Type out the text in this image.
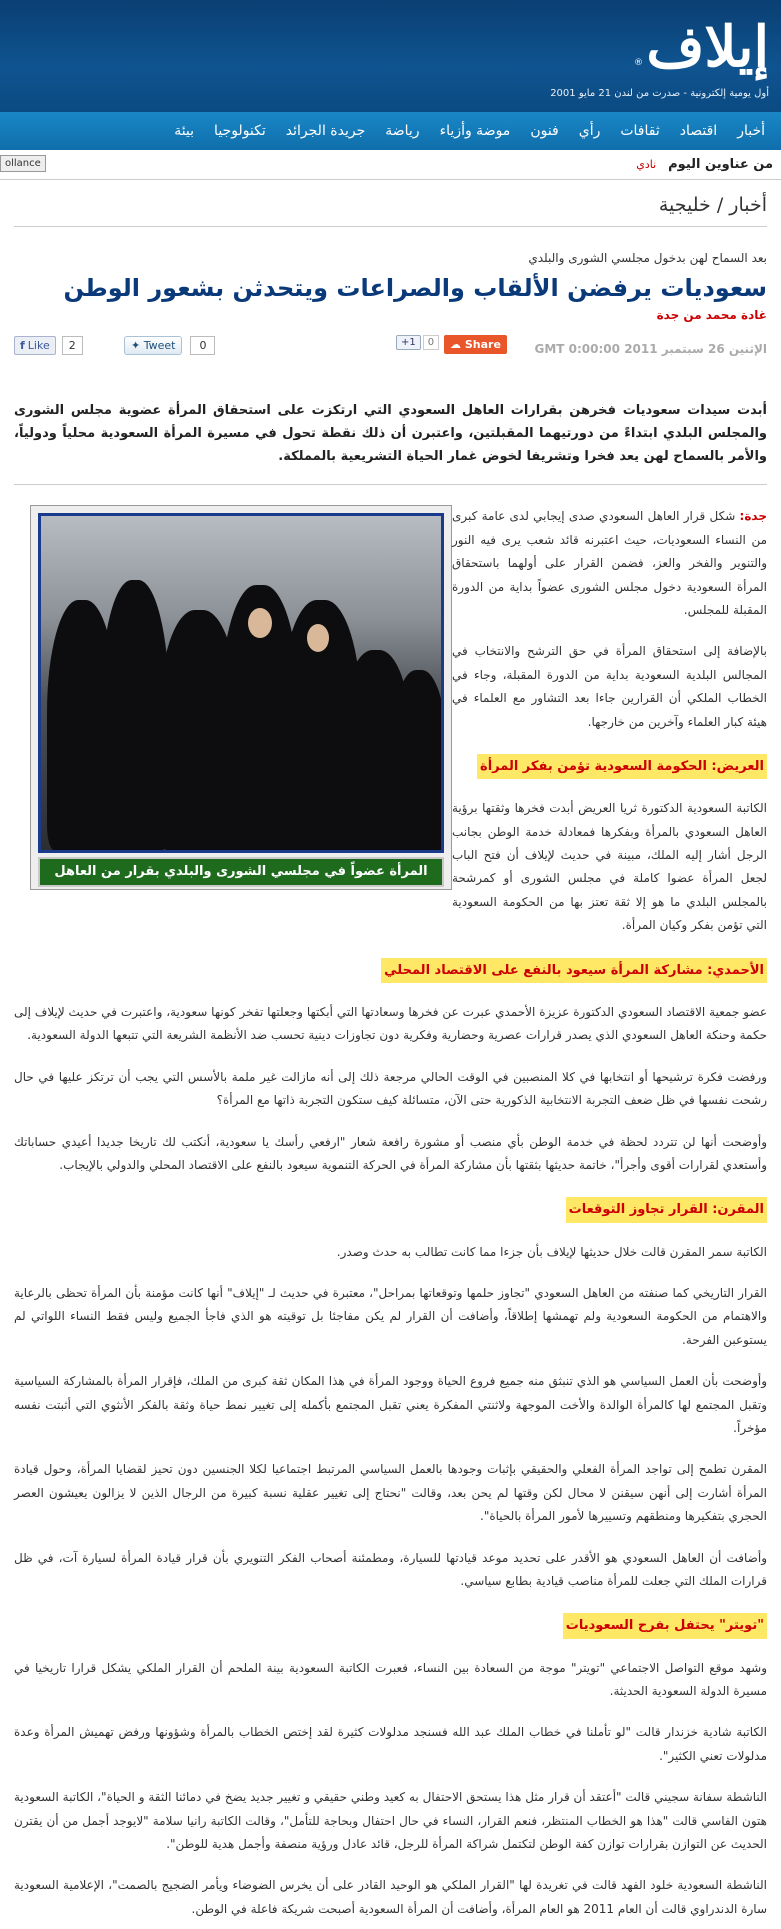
إيلاف
®
أول يومية إلكترونية - صدرت من لندن 21 مايو 2001
أخبار
اقتصاد
ثقافات
رأي
فنون
موضة وأزياء
رياضة
جريدة الجرائد
تكنولوجيا
بيئة
من عناوين اليوم
نادي
ollance
أخبار / خليجية
بعد السماح لهن بدخول مجلسي الشورى والبلدي
سعوديات يرفضن الألقاب والصراعات ويتحدثن بشعور الوطن
غادة محمد من جدة
الإثنين 26 سبتمبر 2011 GMT 0:00:00
☁ Share
+1 0
✦ Tweet 0
f Like 2
أبدت سيدات سعوديات فخرهن بقرارات العاهل السعودي التي ارتكزت على استحقاق المرأة عضوية مجلس الشورى والمجلس البلدي ابتداءً من دورتيهما المقبلتين، واعتبرن أن ذلك نقطة تحول في مسيرة المرأة السعودية محلياً ودولياً، والأمر بالسماح لهن يعد فخرا وتشريفا لخوض غمار الحياة التشريعية بالمملكة.
المرأة عضواً في مجلسي الشورى والبلدي بقرار من العاهل السعودي

جدة: شكل قرار العاهل السعودي صدى إيجابي لدى عامة كبرى من النساء السعوديات، حيث اعتبرنه قائد شعب يرى فيه النور والتنوير والفخر والعز، فضمن القرار على أولهما باستحقاق المرأة السعودية دخول مجلس الشورى عضواً بداية من الدورة المقبلة للمجلس.

بالإضافة إلى استحقاق المرأة في حق الترشح والانتخاب في المجالس البلدية السعودية بداية من الدورة المقبلة، وجاء في الخطاب الملكي أن القرارين جاءا بعد التشاور مع العلماء في هيئة كبار العلماء وآخرين من خارجها.

العريض: الحكومة السعودية تؤمن بفكر المرأة

الكاتبة السعودية الدكتورة ثريا العريض أبدت فخرها وثقتها برؤية العاهل السعودي بالمرأة وبفكرها فمعادلة خدمة الوطن بجانب الرجل أشار إليه الملك، مبينة في حديث لإيلاف أن فتح الباب لجعل المرأة عضوا كاملة في مجلس الشورى أو كمرشحة بالمجلس البلدي ما هو إلا ثقة تعتز بها من الحكومة السعودية التي تؤمن بفكر وكيان المرأة.

الأحمدي: مشاركة المرأة سيعود بالنفع على الاقتصاد المحلي

عضو جمعية الاقتصاد السعودي الدكتورة عزيزة الأحمدي عبرت عن فخرها وسعادتها التي أبكتها وجعلتها تفخر كونها سعودية، واعتبرت في حديث لإيلاف إلى حكمة وحنكة العاهل السعودي الذي يصدر قرارات عصرية وحضارية وفكرية دون تجاوزات دينية تحسب ضد الأنظمة الشريعة التي تتبعها الدولة السعودية.

ورفضت فكرة ترشيحها أو انتخابها في كلا المنصبين في الوقت الحالي مرجعة ذلك إلى أنه مازالت غير ملمة بالأسس التي يجب أن ترتكز عليها في حال رشحت نفسها في ظل ضعف التجربة الانتخابية الذكورية حتى الآن، متسائلة كيف ستكون التجربة ذاتها مع المرأة؟

وأوضحت أنها لن تتردد لحظة في خدمة الوطن بأي منصب أو مشورة رافعة شعار "ارفعي رأسك يا سعودية، أنكتب لك تاريخا جديدا أعيدي حساباتك وأستعدي لقرارات أقوى وأجرأ"، خاتمة حديثها بثقتها بأن مشاركة المرأة في الحركة التنموية سيعود بالنفع على الاقتصاد المحلي والدولي بالإيجاب.

المقرن: القرار تجاوز التوقعات

الكاتبة سمر المقرن قالت خلال حديثها لإيلاف بأن جزءا مما كانت تطالب به حدث وصدر.

القرار التاريخي كما صنفته من العاهل السعودي "تجاوز حلمها وتوقعاتها بمراحل"، معتبرة في حديث لـ "إيلاف" أنها كانت مؤمنة بأن المرأة تحظى بالرعاية والاهتمام من الحكومة السعودية ولم تهمشها إطلاقاً، وأضافت أن القرار لم يكن مفاجئا بل توقيته هو الذي فاجأ الجميع وليس فقط النساء اللواتي لم يستوعبن الفرحة.

وأوضحت بأن العمل السياسي هو الذي تنبثق منه جميع فروع الحياة ووجود المرأة في هذا المكان ثقة كبرى من الملك، فإقرار المرأة بالمشاركة السياسية وتقبل المجتمع لها كالمرأة الوالدة والأخت الموجهة ولاثنتي المفكرة يعني تقبل المجتمع بأكمله إلى تغيير نمط حياة وثقة بالفكر الأنثوي التي أثبتت نفسه مؤخراً.

المقرن تطمح إلى تواجد المرأة الفعلي والحقيقي بإثبات وجودها بالعمل السياسي المرتبط اجتماعيا لكلا الجنسين دون تحيز لقضايا المرأة، وحول قيادة المرأة أشارت إلى أنهن سيقنن لا محال لكن وقتها لم يحن بعد، وقالت "نحتاج إلى تغيير عقلية نسبة كبيرة من الرجال الذين لا يزالون يعيشون العصر الحجري بتفكيرها ومنطقهم وتسييرها لأمور المرأة بالحياة".

وأضافت أن العاهل السعودي هو الأقدر على تحديد موعد قيادتها للسيارة، ومطمئنة أصحاب الفكر التنويري بأن قرار قيادة المرأة لسيارة آت، في ظل قرارات الملك التي جعلت للمرأة مناصب قيادية بطابع سياسي.

"تويتر" يحتفل بفرح السعوديات

وشهد موقع التواصل الاجتماعي "تويتر" موجة من السعادة بين النساء، فعبرت الكاتبة السعودية بينة الملحم أن القرار الملكي يشكل قرارا تاريخيا في مسيرة الدولة السعودية الحديثة.

الكاتبة شادية خزندار قالت "لو تأملنا في خطاب الملك عبد الله فسنجد مدلولات كثيرة لقد إختص الخطاب بالمرأة وشؤونها ورفض تهميش المرأة وعدة مدلولات تعني الكثير".

الناشطة سفانة سجيني قالت "أعتقد أن قرار مثل هذا يستحق الاحتفال به كعيد وطني حقيقي و تغيير جديد يضخ في دمائنا الثقة و الحياة"، الكاتبة السعودية هتون الفاسي قالت "هذا هو الخطاب المنتظر، فنعم القرار، النساء في حال احتفال وبحاجة للتأمل"، وقالت الكاتبة رانيا سلامة "لايوجد أجمل من أن يقترن الحديث عن التوازن بقرارات توازن كفة الوطن لتكتمل شراكة المرأة للرجل، قائد عادل ورؤية منصفة وأجمل هدية للوطن".

الناشطة السعودية خلود الفهد قالت في تغريدة لها "القرار الملكي هو الوحيد القادر على أن يخرس الضوضاء ويأمر الضجيج بالصمت"، الإعلامية السعودية سارة الدندراوي قالت أن العام 2011 هو العام المرأة، وأضافت أن المرأة السعودية أصبحت شريكة فاعلة في الوطن.
